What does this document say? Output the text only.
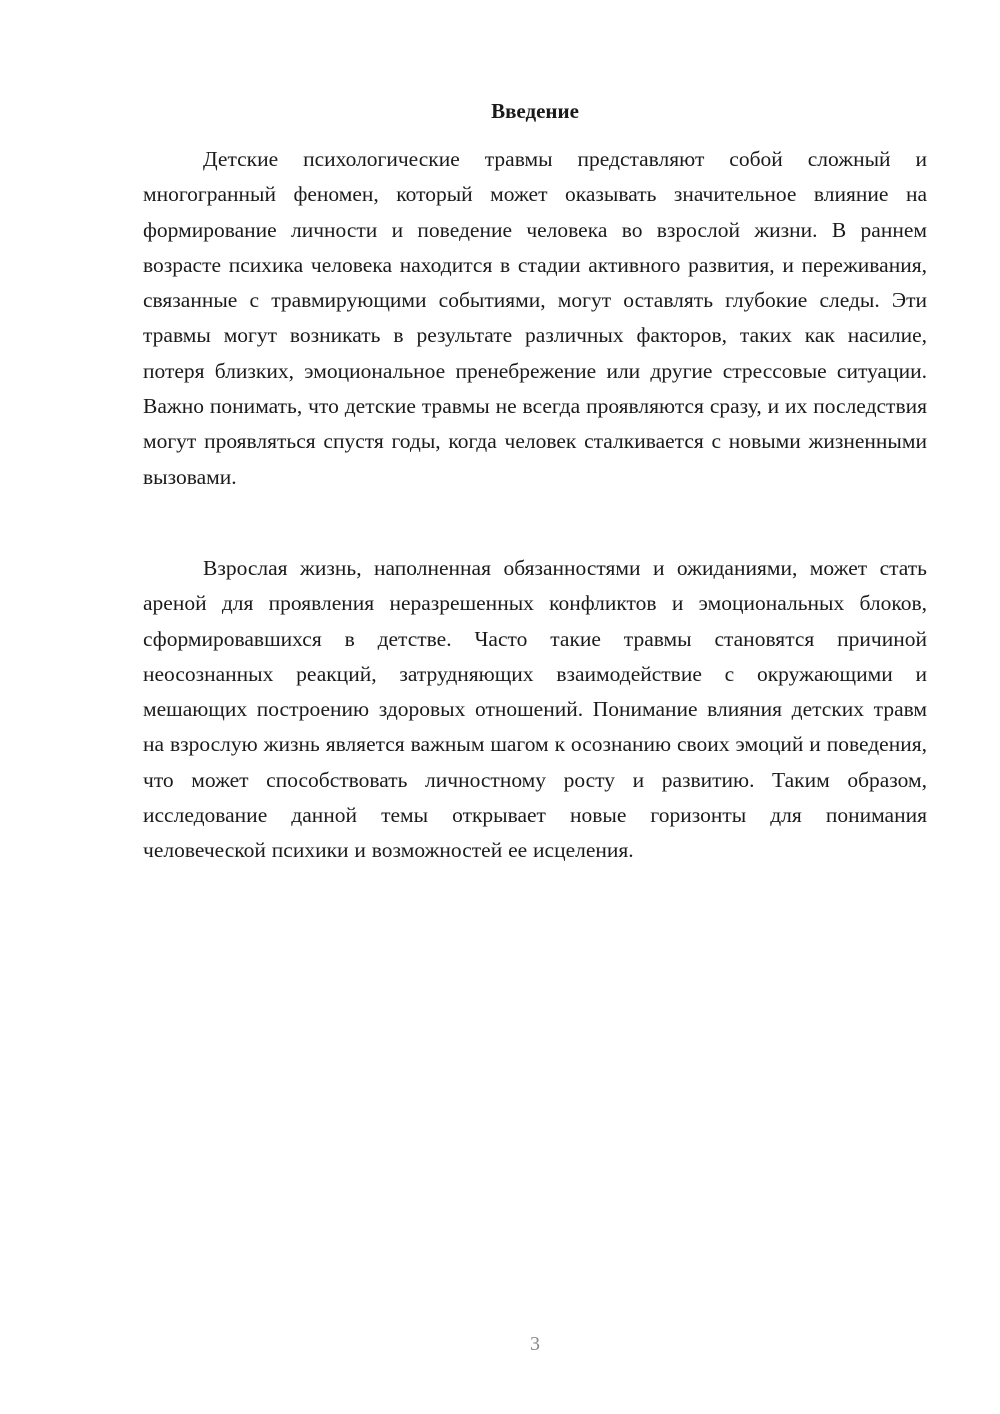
Введение

Детские психологические травмы представляют собой сложный и многогранный феномен, который может оказывать значительное влияние на формирование личности и поведение человека во взрослой жизни. В раннем возрасте психика человека находится в стадии активного развития, и переживания, связанные с травмирующими событиями, могут оставлять глубокие следы. Эти травмы могут возникать в результате различных факторов, таких как насилие, потеря близких, эмоциональное пренебрежение или другие стрессовые ситуации. Важно понимать, что детские травмы не всегда проявляются сразу, и их последствия могут проявляться спустя годы, когда человек сталкивается с новыми жизненными вызовами.

Взрослая жизнь, наполненная обязанностями и ожиданиями, может стать ареной для проявления неразрешенных конфликтов и эмоциональных блоков, сформировавшихся в детстве. Часто такие травмы становятся причиной неосознанных реакций, затрудняющих взаимодействие с окружающими и мешающих построению здоровых отношений. Понимание влияния детских травм на взрослую жизнь является важным шагом к осознанию своих эмоций и поведения, что может способствовать личностному росту и развитию. Таким образом, исследование данной темы открывает новые горизонты для понимания человеческой психики и возможностей ее исцеления.

3
